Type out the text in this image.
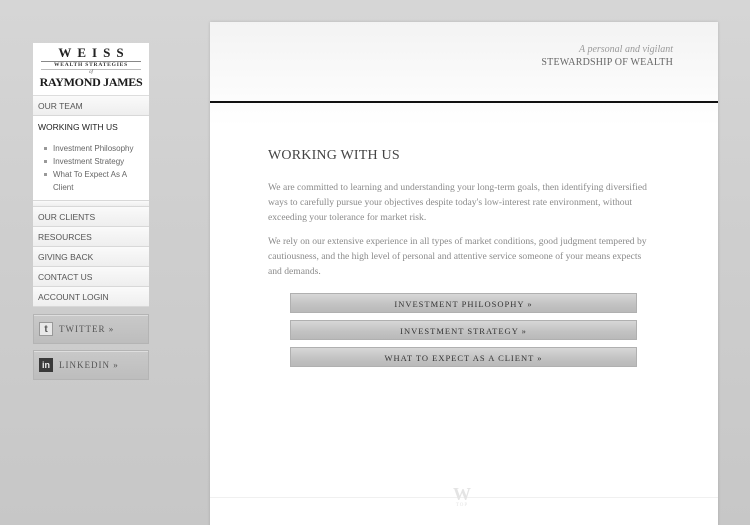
WEISS
WEALTH STRATEGIES
of
RAYMOND JAMES
OUR TEAM
WORKING WITH US
Investment Philosophy
Investment Strategy
What To Expect As A Client
OUR CLIENTS
RESOURCES
GIVING BACK
CONTACT US
ACCOUNT LOGIN
t	TWITTER »
in	LINKEDIN »
A personal and vigilant
STEWARDSHIP OF WEALTH
WORKING WITH US

We are committed to learning and understanding your long-term goals, then identifying diversified ways to carefully pursue your objectives despite today's low-interest rate environment, without exceeding your tolerance for market risk.

We rely on our extensive experience in all types of market conditions, good judgment tempered by cautiousness, and the high level of personal and attentive service someone of your means expects and demands.

INVESTMENT PHILOSOPHY »
INVESTMENT STRATEGY »
WHAT TO EXPECT AS A CLIENT »
W
TOP
